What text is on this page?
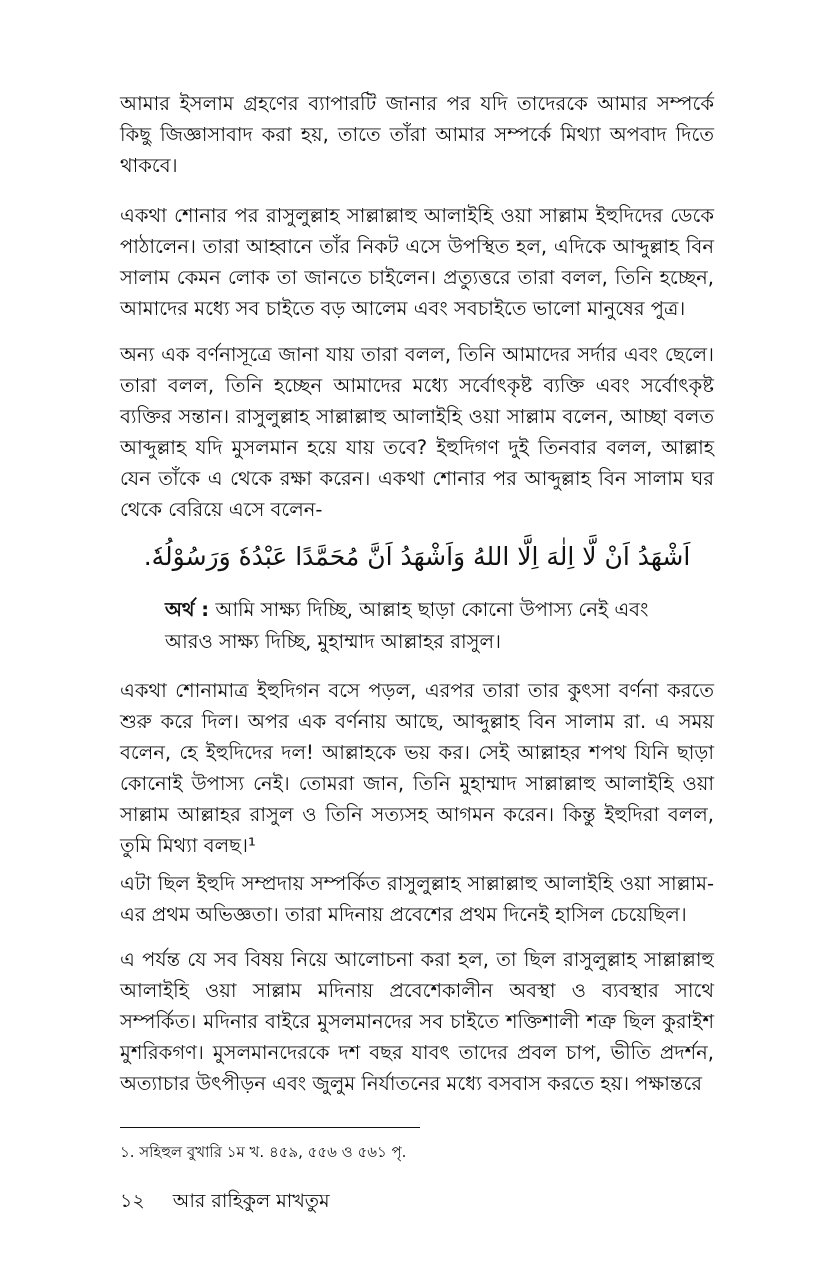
আমার ইসলাম গ্রহণের ব্যাপারটি জানার পর যদি তাদেরকে আমার সম্পর্কে কিছু জিজ্ঞাসাবাদ করা হয়, তাতে তাঁরা আমার সম্পর্কে মিথ্যা অপবাদ দিতে থাকবে।

একথা শোনার পর রাসুলুল্লাহ সাল্লাল্লাহু আলাইহি ওয়া সাল্লাম ইহুদিদের ডেকে পাঠালেন। তারা আহ্বানে তাঁর নিকট এসে উপস্থিত হল, এদিকে আব্দুল্লাহ বিন সালাম কেমন লোক তা জানতে চাইলেন। প্রত্যুত্তরে তারা বলল, তিনি হচ্ছেন, আমাদের মধ্যে সব চাইতে বড় আলেম এবং সবচাইতে ভালো মানুষের পুত্র।

অন্য এক বর্ণনাসূত্রে জানা যায় তারা বলল, তিনি আমাদের সর্দার এবং ছেলে। তারা বলল, তিনি হচ্ছেন আমাদের মধ্যে সর্বোৎকৃষ্ট ব্যক্তি এবং সর্বোৎকৃষ্ট ব্যক্তির সন্তান। রাসুলুল্লাহ সাল্লাল্লাহু আলাইহি ওয়া সাল্লাম বলেন, আচ্ছা বলত আব্দুল্লাহ যদি মুসলমান হয়ে যায় তবে? ইহুদিগণ দুই তিনবার বলল, আল্লাহ যেন তাঁকে এ থেকে রক্ষা করেন। একথা শোনার পর আব্দুল্লাহ বিন সালাম ঘর থেকে বেরিয়ে এসে বলেন-

اَشْهَدُ اَنْ لَّا اِلٰهَ اِلَّا اللهُ وَاَشْهَدُ اَنَّ مُحَمَّدًا عَبْدُهٗ وَرَسُوْلُهٗ.

অর্থ : আমি সাক্ষ্য দিচ্ছি, আল্লাহ ছাড়া কোনো উপাস্য নেই এবং আরও সাক্ষ্য দিচ্ছি, মুহাম্মাদ আল্লাহর রাসুল।

একথা শোনামাত্র ইহুদিগন বসে পড়ল, এরপর তারা তার কুৎসা বর্ণনা করতে শুরু করে দিল। অপর এক বর্ণনায় আছে, আব্দুল্লাহ বিন সালাম রা. এ সময় বলেন, হে ইহুদিদের দল! আল্লাহকে ভয় কর। সেই আল্লাহর শপথ যিনি ছাড়া কোনোই উপাস্য নেই। তোমরা জান, তিনি মুহাম্মাদ সাল্লাল্লাহু আলাইহি ওয়া সাল্লাম আল্লাহর রাসুল ও তিনি সত্যসহ আগমন করেন। কিন্তু ইহুদিরা বলল, তুমি মিথ্যা বলছ।¹

এটা ছিল ইহুদি সম্প্রদায় সম্পর্কিত রাসুলুল্লাহ সাল্লাল্লাহু আলাইহি ওয়া সাল্লাম-এর প্রথম অভিজ্ঞতা। তারা মদিনায় প্রবেশের প্রথম দিনেই হাসিল চেয়েছিল।

এ পর্যন্ত যে সব বিষয় নিয়ে আলোচনা করা হল, তা ছিল রাসুলুল্লাহ সাল্লাল্লাহু আলাইহি ওয়া সাল্লাম মদিনায় প্রবেশেকালীন অবস্থা ও ব্যবস্থার সাথে সম্পর্কিত। মদিনার বাইরে মুসলমানদের সব চাইতে শক্তিশালী শত্রু ছিল কুরাইশ মুশরিকগণ। মুসলমানদেরকে দশ বছর যাবৎ তাদের প্রবল চাপ, ভীতি প্রদর্শন, অত্যাচার উৎপীড়ন এবং জুলুম নির্যাতনের মধ্যে বসবাস করতে হয়। পক্ষান্তরে

১. সহিহুল বুখারি ১ম খ. ৪৫৯, ৫৫৬ ও ৫৬১ পৃ.

১২ আর রাহিকুল মাখতুম
